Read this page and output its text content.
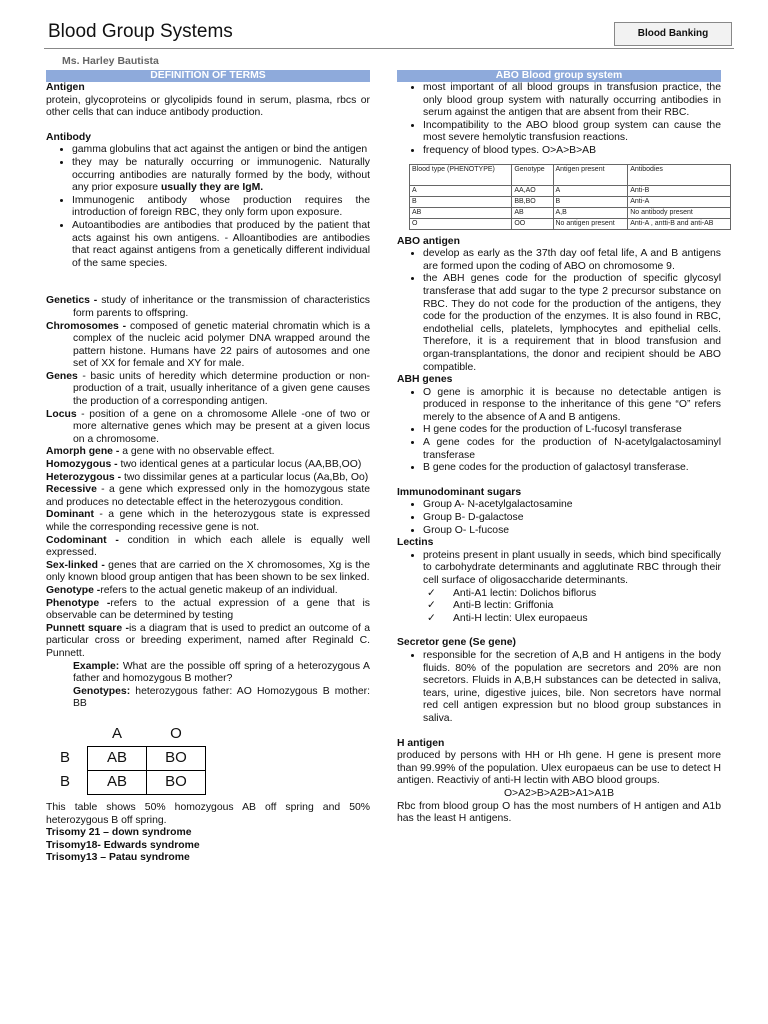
Blood Group Systems	Blood Banking
Ms. Harley Bautista
DEFINITION OF TERMS
Antigen

protein, glycoproteins or glycolipids found in serum, plasma, rbcs or other cells that can induce antibody production.

Antibody
• gamma globulins that act against the antigen or bind the antigen
• they may be naturally occurring or immunogenic. Naturally occurring antibodies are naturally formed by the body, without any prior exposure usually they are IgM.
• Immunogenic antibody whose production requires the introduction of foreign RBC, they only form upon exposure.
• Autoantibodies are antibodies that produced by the patient that acts against his own antigens. - Alloantibodies are antibodies that react against antigens from a genetically different individual of the same species.
Genetics - study of inheritance or the transmission of characteristics form parents to offspring.
Chromosomes - composed of genetic material chromatin which is a complex of the nucleic acid polymer DNA wrapped around the pattern histone. Humans have 22 pairs of autosomes and one set of XX for female and XY for male.
Genes - basic units of heredity which determine production or non-production of a trait, usually inheritance of a given gene causes the production of a corresponding antigen.
Locus - position of a gene on a chromosome Allele -one of two or more alternative genes which may be present at a given locus on a chromosome.
Amorph gene - a gene with no observable effect.
Homozygous - two identical genes at a particular locus (AA,BB,OO)
Heterozygous - two dissimilar genes at a particular locus (Aa,Bb, Oo)

Recessive - a gene which expressed only in the homozygous state and produces no detectable effect in the heterozygous condition.

Dominant - a gene which in the heterozygous state is expressed while the corresponding recessive gene is not.

Codominant - condition in which each allele is equally well expressed.

Sex-linked - genes that are carried on the X chromosomes, Xg is the only known blood group antigen that has been shown to be sex linked.

Genotype -refers to the actual genetic makeup of an individual.

Phenotype -refers to the actual expression of a gene that is observable can be determined by testing

Punnett square -is a diagram that is used to predict an outcome of a particular cross or breeding experiment, named after Reginald C. Punnett.

Example: What are the possible off spring of a heterozygous A father and homozygous B mother?

Genotypes: heterozygous father: AO Homozygous B mother: BB

	A	O
B	AB	BO
B	AB	BO

This table shows 50% homozygous AB off spring and 50% heterozygous B off spring.

Trisomy 21 – down syndrome
Trisomy18- Edwards syndrome
Trisomy13 – Patau syndrome
ABO Blood group system
• most important of all blood groups in transfusion practice, the only blood group system with naturally occurring antibodies in serum against the antigen that are absent from their RBC.
• Incompatibility to the ABO blood group system can cause the most severe hemolytic transfusion reactions.
• frequency of blood types. O>A>B>AB
Blood type (PHENOTYPE)	Genotype	Antigen present	Antibodies
A	AA,AO	A	Anti-B
B	BB,BO	B	Anti-A
AB	AB	A,B	No antibody present
O	OO	No antigen present	Anti-A , antti-B and anti-AB
ABO antigen
• develop as early as the 37th day oof fetal life, A and B antigens are formed upon the coding of ABO on chromosome 9.
• the ABH genes code for the production of specific glycosyl transferase that add sugar to the type 2 precursor substance on RBC. They do not code for the production of the antigens, they code for the production of the enzymes. It is also found in RBC, endothelial cells, platelets, lymphocytes and epithelial cells. Therefore, it is a requirement that in blood transfusion and organ-transplantations, the donor and recipient should be ABO compatible.
ABH genes
• O gene is amorphic it is because no detectable antigen is produced in response to the inheritance of this gene “O” refers merely to the absence of A and B antigens.
• H gene codes for the production of L-fucosyl transferase
• A gene codes for the production of N-acetylgalactosaminyl transferase
• B gene codes for the production of galactosyl transferase.
Immunodominant sugars
• Group A- N-acetylgalactosamine
• Group B- D-galactose
• Group O- L-fucose
Lectins
• proteins present in plant usually in seeds, which bind specifically to carbohydrate determinants and agglutinate RBC through their cell surface of oligosaccharide determinants.
✓ Anti-A1 lectin: Dolichos biflorus
✓ Anti-B lectin: Griffonia
✓ Anti-H lectin: Ulex europaeus
Secretor gene (Se gene)
• responsible for the secretion of A,B and H antigens in the body fluids. 80% of the population are secretors and 20% are non secretors. Fluids in A,B,H substances can be detected in saliva, tears, urine, digestive juices, bile. Non secretors have normal red cell antigen expression but no blood group substances in saliva.
H antigen

produced by persons with HH or Hh gene. H gene is present more than 99.99% of the population. Ulex europaeus can be use to detect H antigen. Reactiviy of anti-H lectin with ABO blood groups.

O>A2>B>A2B>A1>A1B

Rbc from blood group O has the most numbers of H antigen and A1b has the least H antigens.
